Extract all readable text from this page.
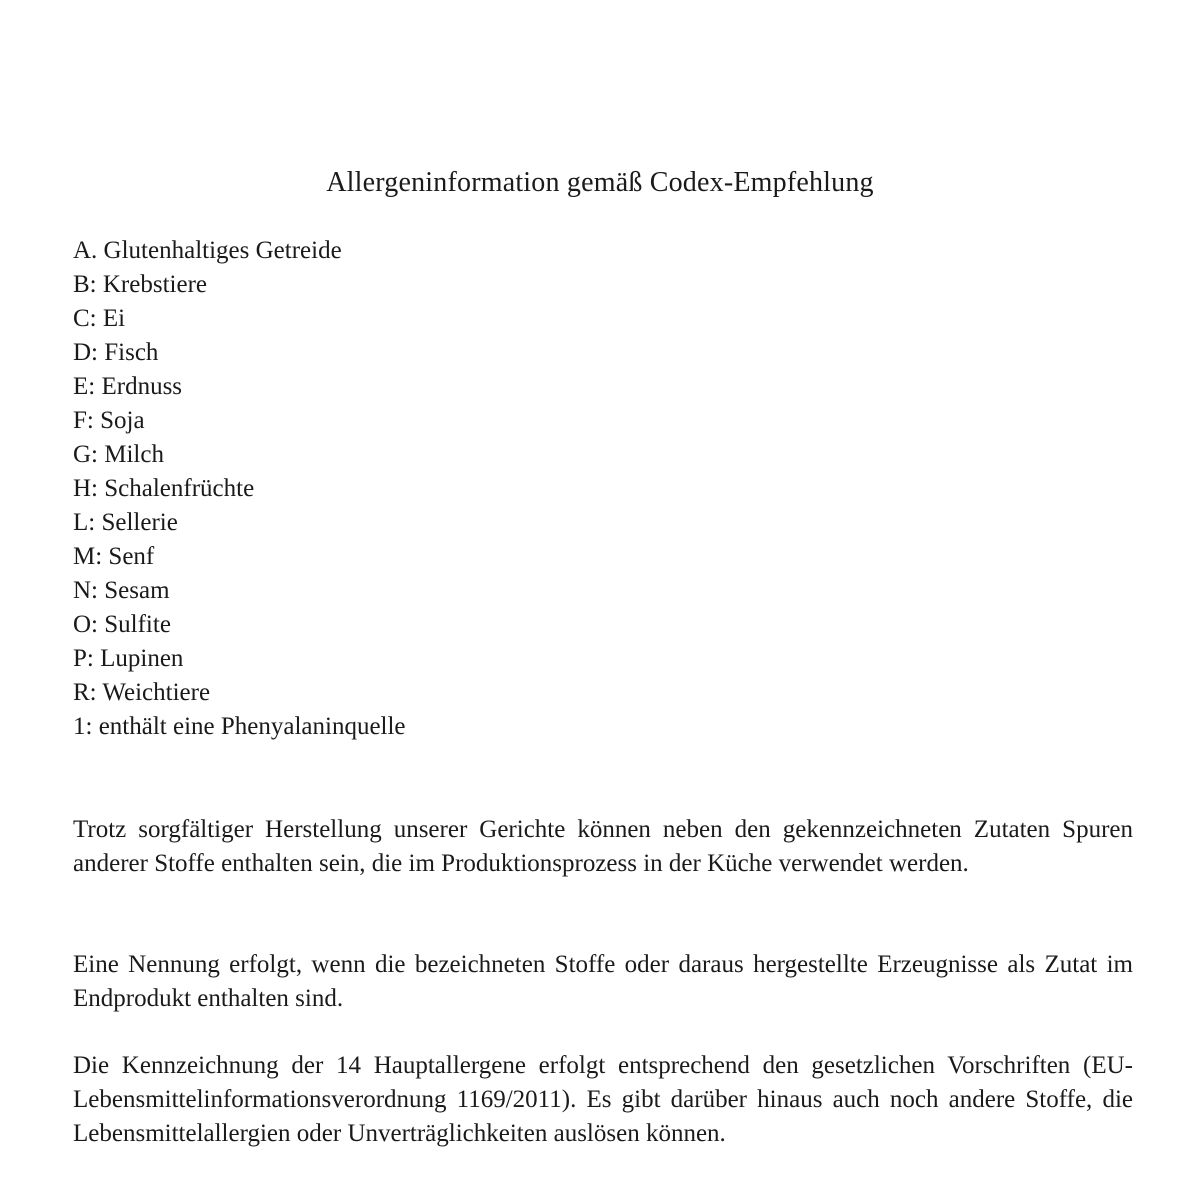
Allergeninformation gemäß Codex-Empfehlung
A. Glutenhaltiges Getreide
B: Krebstiere
C: Ei
D: Fisch
E: Erdnuss
F: Soja
G: Milch
H: Schalenfrüchte
L: Sellerie
M: Senf
N: Sesam
O: Sulfite
P: Lupinen
R: Weichtiere
1: enthält eine Phenyalaninquelle

Trotz sorgfältiger Herstellung unserer Gerichte können neben den gekennzeichneten Zutaten Spuren anderer Stoffe enthalten sein, die im Produktionsprozess in der Küche verwendet werden.

Eine Nennung erfolgt, wenn die bezeichneten Stoffe oder daraus hergestellte Erzeugnisse als Zutat im Endprodukt enthalten sind.

Die Kennzeichnung der 14 Hauptallergene erfolgt entsprechend den gesetzlichen Vorschriften (EU-Lebensmittelinformationsverordnung 1169/2011). Es gibt darüber hinaus auch noch andere Stoffe, die Lebensmittelallergien oder Unverträglichkeiten auslösen können.
